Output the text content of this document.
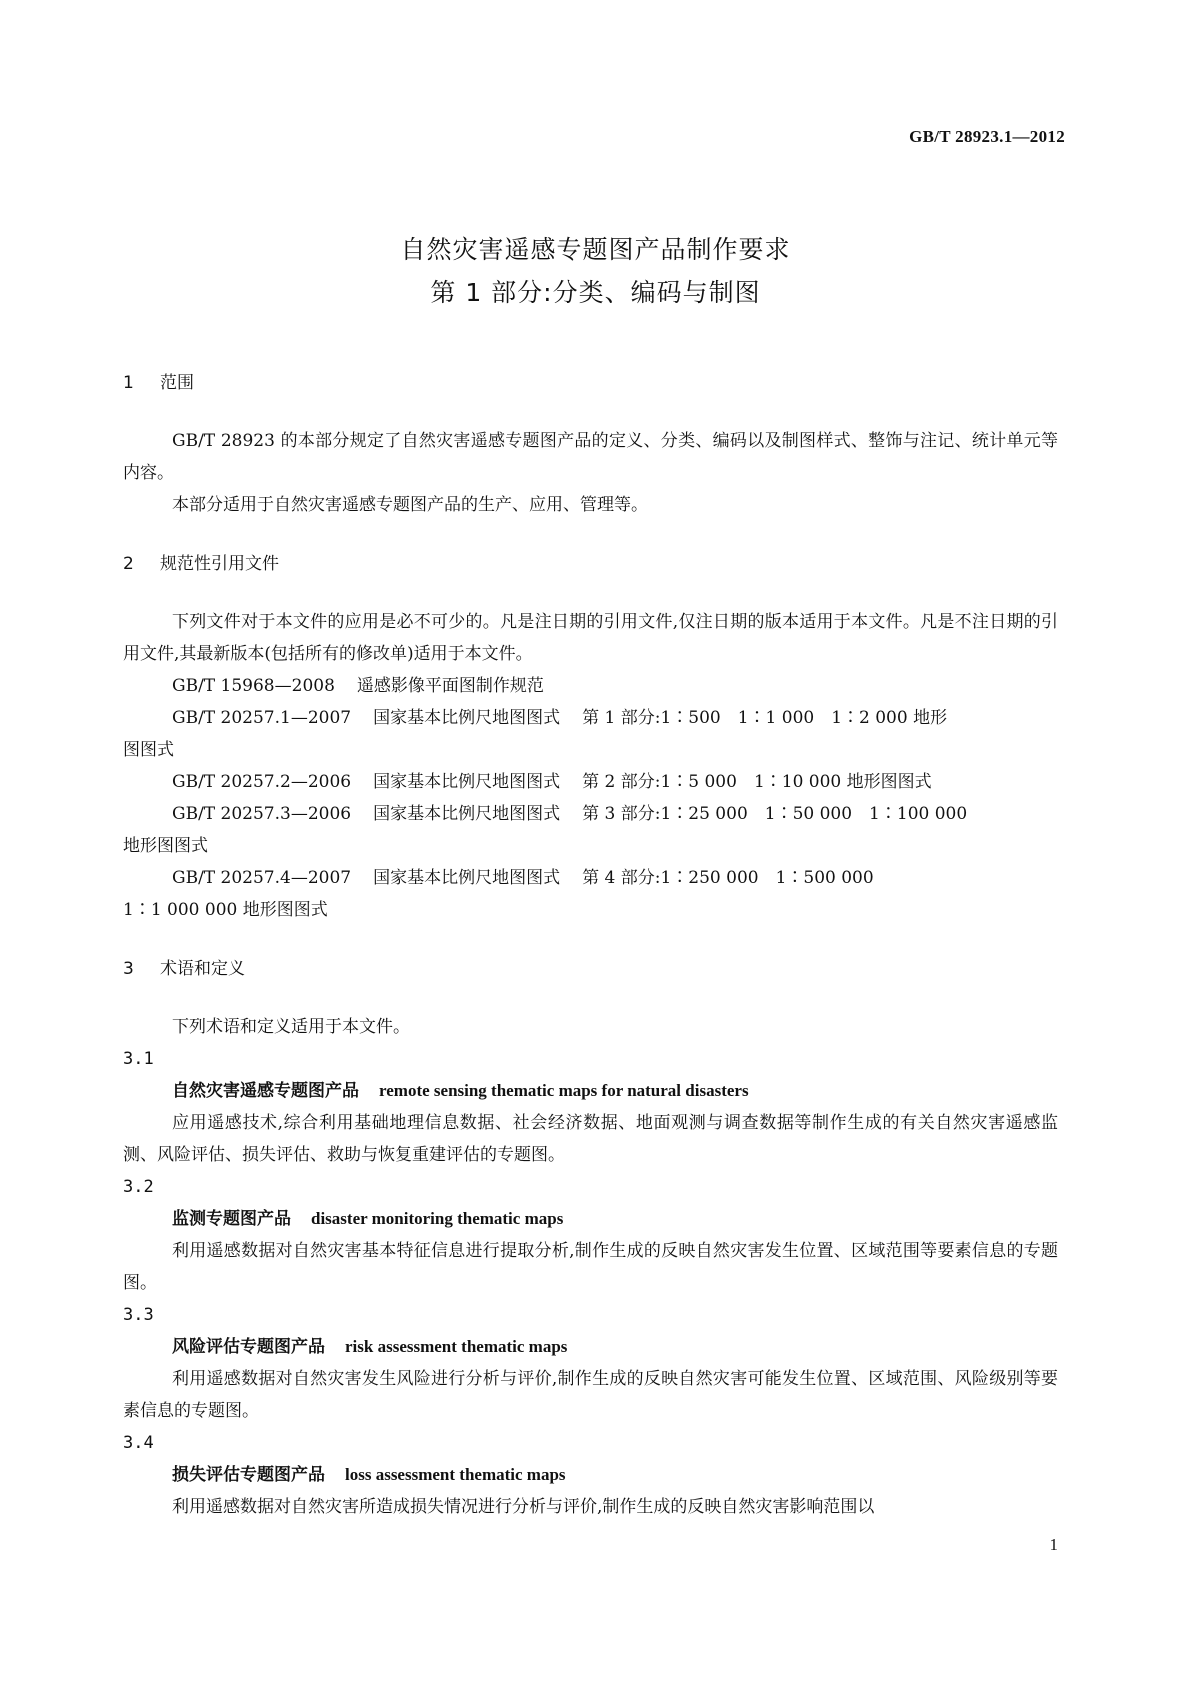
GB/T 28923.1—2012
自然灾害遥感专题图产品制作要求
第 1 部分:分类、编码与制图
1 范围
GB/T 28923 的本部分规定了自然灾害遥感专题图产品的定义、分类、编码以及制图样式、整饰与注记、统计单元等内容。
本部分适用于自然灾害遥感专题图产品的生产、应用、管理等。
2 规范性引用文件
下列文件对于本文件的应用是必不可少的。凡是注日期的引用文件,仅注日期的版本适用于本文件。凡是不注日期的引用文件,其最新版本(包括所有的修改单)适用于本文件。
GB/T 15968—2008 遥感影像平面图制作规范
GB/T 20257.1—2007 国家基本比例尺地图图式 第 1 部分:1∶500　1∶1 000　1∶2 000 地形
图图式
GB/T 20257.2—2006 国家基本比例尺地图图式 第 2 部分:1∶5 000　1∶10 000 地形图图式
GB/T 20257.3—2006 国家基本比例尺地图图式 第 3 部分:1∶25 000　1∶50 000　1∶100 000
地形图图式
GB/T 20257.4—2007 国家基本比例尺地图图式 第 4 部分:1∶250 000　1∶500 000
1∶1 000 000 地形图图式
3 术语和定义
下列术语和定义适用于本文件。
3.1
自然灾害遥感专题图产品 remote sensing thematic maps for natural disasters
应用遥感技术,综合利用基础地理信息数据、社会经济数据、地面观测与调查数据等制作生成的有关自然灾害遥感监测、风险评估、损失评估、救助与恢复重建评估的专题图。
3.2
监测专题图产品 disaster monitoring thematic maps
利用遥感数据对自然灾害基本特征信息进行提取分析,制作生成的反映自然灾害发生位置、区域范围等要素信息的专题图。
3.3
风险评估专题图产品 risk assessment thematic maps
利用遥感数据对自然灾害发生风险进行分析与评价,制作生成的反映自然灾害可能发生位置、区域范围、风险级别等要素信息的专题图。
3.4
损失评估专题图产品 loss assessment thematic maps
利用遥感数据对自然灾害所造成损失情况进行分析与评价,制作生成的反映自然灾害影响范围以
1
